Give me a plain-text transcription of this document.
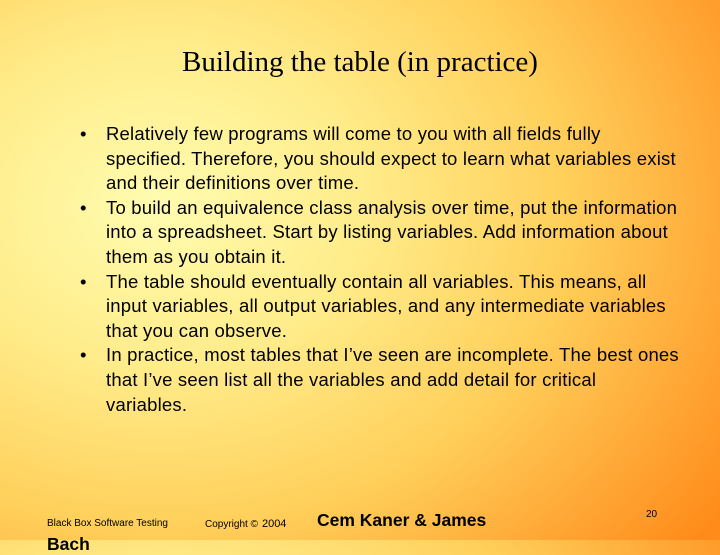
Building the table (in practice)
• Relatively few programs will come to you with all fields fully specified. Therefore, you should expect to learn what variables exist and their definitions over time.
• To build an equivalence class analysis over time, put the information into a spreadsheet. Start by listing variables. Add information about them as you obtain it.
• The table should eventually contain all variables. This means, all input variables, all output variables, and any intermediate variables that you can observe.
• In practice, most tables that I’ve seen are incomplete. The best ones that I’ve seen list all the variables and add detail for critical variables.
Black Box Software Testing	Copyright © 2004 Cem Kaner & James
Bach
20
